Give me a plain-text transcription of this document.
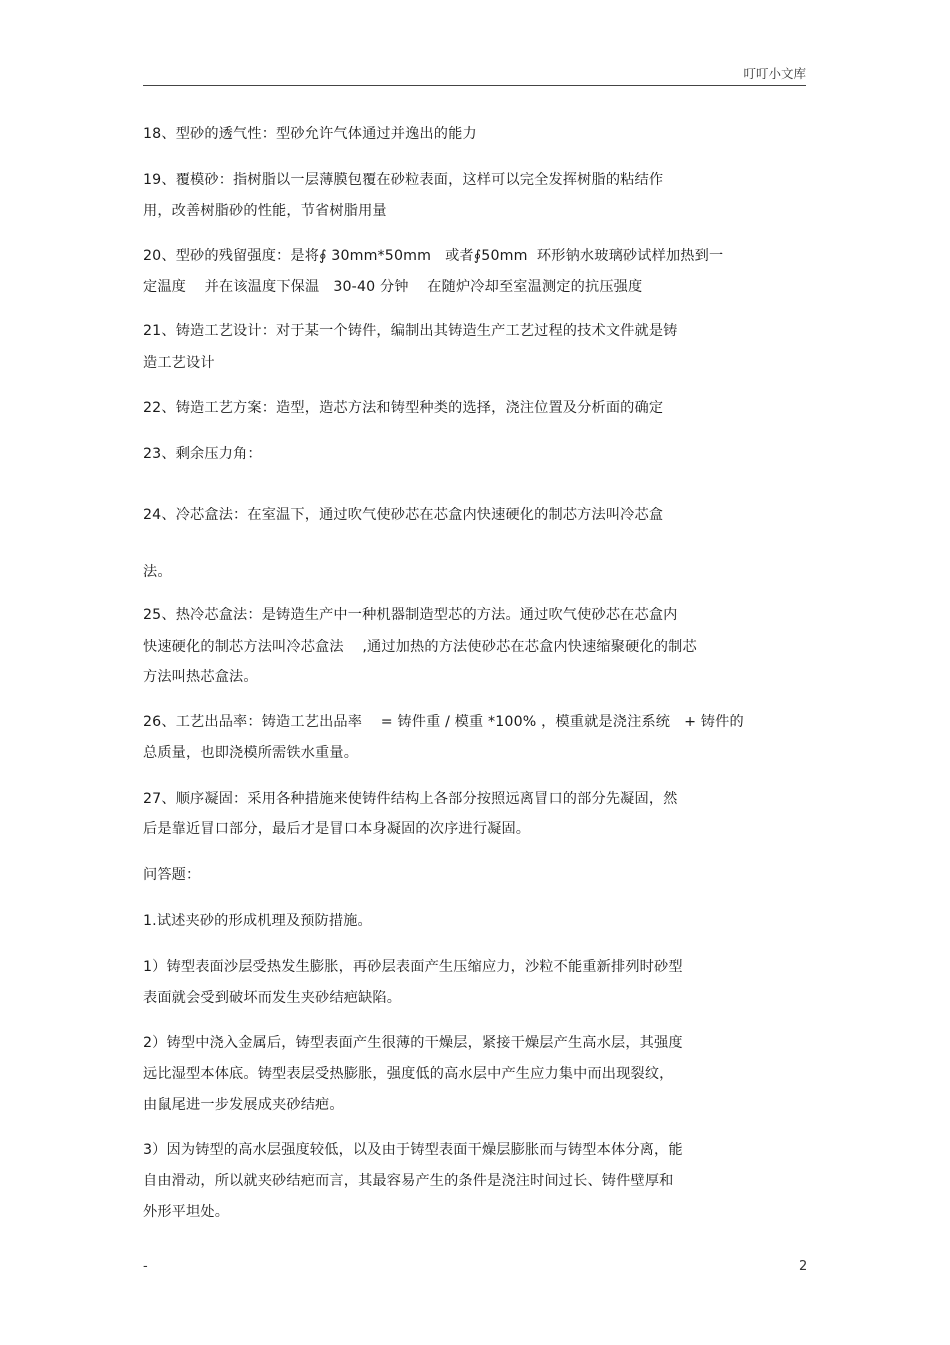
叮叮小文库
18、型砂的透气性：型砂允许气体通过并逸出的能力
19、覆模砂：指树脂以一层薄膜包覆在砂粒表面，这样可以完全发挥树脂的粘结作
用，改善树脂砂的性能，节省树脂用量
20、型砂的残留强度：是将∮ 30mm*50mm   或者∮50mm  环形钠水玻璃砂试样加热到一
定温度    并在该温度下保温   30-40 分钟    在随炉冷却至室温测定的抗压强度
21、铸造工艺设计：对于某一个铸件，编制出其铸造生产工艺过程的技术文件就是铸
造工艺设计
22、铸造工艺方案：造型，造芯方法和铸型种类的选择，浇注位置及分析面的确定
23、剩余压力角：
24、冷芯盒法：在室温下，通过吹气使砂芯在芯盒内快速硬化的制芯方法叫冷芯盒
法。
25、热冷芯盒法：是铸造生产中一种机器制造型芯的方法。通过吹气使砂芯在芯盒内
快速硬化的制芯方法叫冷芯盒法    ,通过加热的方法使砂芯在芯盒内快速缩聚硬化的制芯
方法叫热芯盒法。
26、工艺出品率：铸造工艺出品率    = 铸件重 / 模重 *100% ，模重就是浇注系统   + 铸件的
总质量，也即浇模所需铁水重量。
27、顺序凝固：采用各种措施来使铸件结构上各部分按照远离冒口的部分先凝固，然
后是靠近冒口部分，最后才是冒口本身凝固的次序进行凝固。
问答题：
1.试述夹砂的形成机理及预防措施。
1）铸型表面沙层受热发生膨胀，再砂层表面产生压缩应力，沙粒不能重新排列时砂型
表面就会受到破坏而发生夹砂结疤缺陷。
2）铸型中浇入金属后，铸型表面产生很薄的干燥层，紧接干燥层产生高水层，其强度
远比湿型本体底。铸型表层受热膨胀，强度低的高水层中产生应力集中而出现裂纹，
由鼠尾进一步发展成夹砂结疤。
3）因为铸型的高水层强度较低，以及由于铸型表面干燥层膨胀而与铸型本体分离，能
自由滑动，所以就夹砂结疤而言，其最容易产生的条件是浇注时间过长、铸件壁厚和
外形平坦处。
-	2
